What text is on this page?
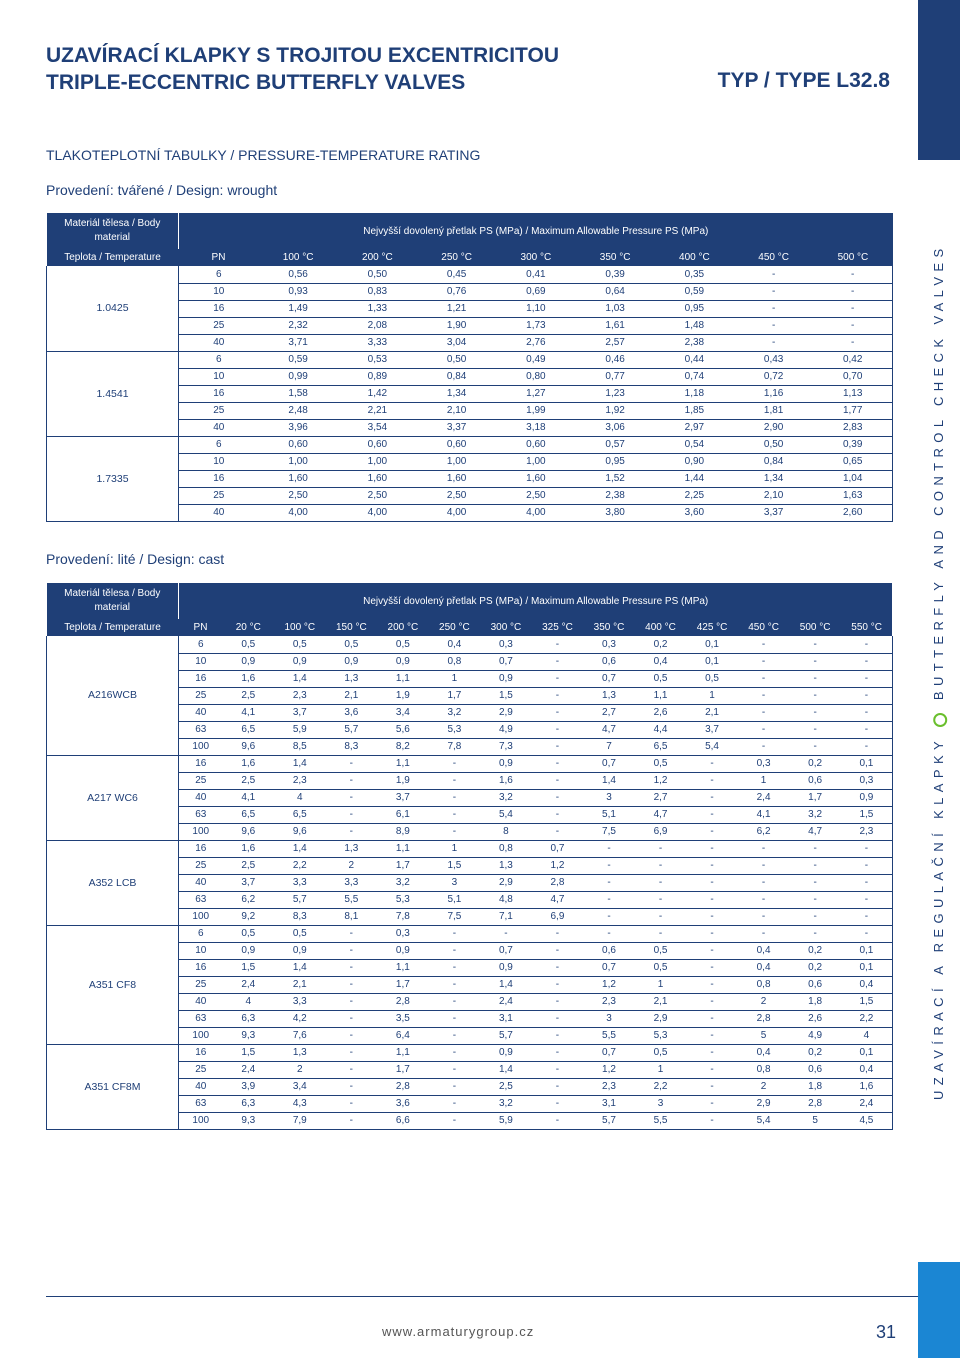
UZAVÍRACÍ A REGULAČNÍ KLAPKY  BUTTERFLY AND CONTROL CHECK VALVES
UZAVÍRACÍ KLAPKY S TROJITOU EXCENTRICITOU
TRIPLE-ECCENTRIC BUTTERFLY VALVES	TYP / TYPE L32.8
TLAKOTEPLOTNÍ TABULKY / PRESSURE-TEMPERATURE RATING
Provedení: tvářené / Design: wrought
Provedení: lité / Design: cast
Materiál tělesa / Body material	Nejvyšší dovolený přetlak PS (MPa) / Maximum Allowable Pressure PS (MPa)								
Teplota / Temperature	PN	100 °C	200 °C	250 °C	300 °C	350 °C	400 °C	450 °C	500 °C
1.0425	6	0,56	0,50	0,45	0,41	0,39	0,35	-	-
	10	0,93	0,83	0,76	0,69	0,64	0,59	-	-
	16	1,49	1,33	1,21	1,10	1,03	0,95	-	-
	25	2,32	2,08	1,90	1,73	1,61	1,48	-	-
	40	3,71	3,33	3,04	2,76	2,57	2,38	-	-
1.4541	6	0,59	0,53	0,50	0,49	0,46	0,44	0,43	0,42
	10	0,99	0,89	0,84	0,80	0,77	0,74	0,72	0,70
	16	1,58	1,42	1,34	1,27	1,23	1,18	1,16	1,13
	25	2,48	2,21	2,10	1,99	1,92	1,85	1,81	1,77
	40	3,96	3,54	3,37	3,18	3,06	2,97	2,90	2,83
1.7335	6	0,60	0,60	0,60	0,60	0,57	0,54	0,50	0,39
	10	1,00	1,00	1,00	1,00	0,95	0,90	0,84	0,65
	16	1,60	1,60	1,60	1,60	1,52	1,44	1,34	1,04
	25	2,50	2,50	2,50	2,50	2,38	2,25	2,10	1,63
	40	4,00	4,00	4,00	4,00	3,80	3,60	3,37	2,60
Materiál tělesa / Body material	Nejvyšší dovolený přetlak PS (MPa) / Maximum Allowable Pressure PS (MPa)													
Teplota / Temperature	PN	20 °C	100 °C	150 °C	200 °C	250 °C	300 °C	325 °C	350 °C	400 °C	425 °C	450 °C	500 °C	550 °C
A216WCB	6	0,5	0,5	0,5	0,5	0,4	0,3	-	0,3	0,2	0,1	-	-	-
	10	0,9	0,9	0,9	0,9	0,8	0,7	-	0,6	0,4	0,1	-	-	-
	16	1,6	1,4	1,3	1,1	1	0,9	-	0,7	0,5	0,5	-	-	-
	25	2,5	2,3	2,1	1,9	1,7	1,5	-	1,3	1,1	1	-	-	-
	40	4,1	3,7	3,6	3,4	3,2	2,9	-	2,7	2,6	2,1	-	-	-
	63	6,5	5,9	5,7	5,6	5,3	4,9	-	4,7	4,4	3,7	-	-	-
	100	9,6	8,5	8,3	8,2	7,8	7,3	-	7	6,5	5,4	-	-	-
A217 WC6	16	1,6	1,4	-	1,1	-	0,9	-	0,7	0,5	-	0,3	0,2	0,1
	25	2,5	2,3	-	1,9	-	1,6	-	1,4	1,2	-	1	0,6	0,3
	40	4,1	4	-	3,7	-	3,2	-	3	2,7	-	2,4	1,7	0,9
	63	6,5	6,5	-	6,1	-	5,4	-	5,1	4,7	-	4,1	3,2	1,5
	100	9,6	9,6	-	8,9	-	8	-	7,5	6,9	-	6,2	4,7	2,3
A352 LCB	16	1,6	1,4	1,3	1,1	1	0,8	0,7	-	-	-	-	-	-
	25	2,5	2,2	2	1,7	1,5	1,3	1,2	-	-	-	-	-	-
	40	3,7	3,3	3,3	3,2	3	2,9	2,8	-	-	-	-	-	-
	63	6,2	5,7	5,5	5,3	5,1	4,8	4,7	-	-	-	-	-	-
	100	9,2	8,3	8,1	7,8	7,5	7,1	6,9	-	-	-	-	-	-
A351 CF8	6	0,5	0,5	-	0,3	-	-	-	-	-	-	-	-	-
	10	0,9	0,9	-	0,9	-	0,7	-	0,6	0,5	-	0,4	0,2	0,1
	16	1,5	1,4	-	1,1	-	0,9	-	0,7	0,5	-	0,4	0,2	0,1
	25	2,4	2,1	-	1,7	-	1,4	-	1,2	1	-	0,8	0,6	0,4
	40	4	3,3	-	2,8	-	2,4	-	2,3	2,1	-	2	1,8	1,5
	63	6,3	4,2	-	3,5	-	3,1	-	3	2,9	-	2,8	2,6	2,2
	100	9,3	7,6	-	6,4	-	5,7	-	5,5	5,3	-	5	4,9	4
A351 CF8M	16	1,5	1,3	-	1,1	-	0,9	-	0,7	0,5	-	0,4	0,2	0,1
	25	2,4	2	-	1,7	-	1,4	-	1,2	1	-	0,8	0,6	0,4
	40	3,9	3,4	-	2,8	-	2,5	-	2,3	2,2	-	2	1,8	1,6
	63	6,3	4,3	-	3,6	-	3,2	-	3,1	3	-	2,9	2,8	2,4
	100	9,3	7,9	-	6,6	-	5,9	-	5,7	5,5	-	5,4	5	4,5
www.armaturygroup.cz	31
